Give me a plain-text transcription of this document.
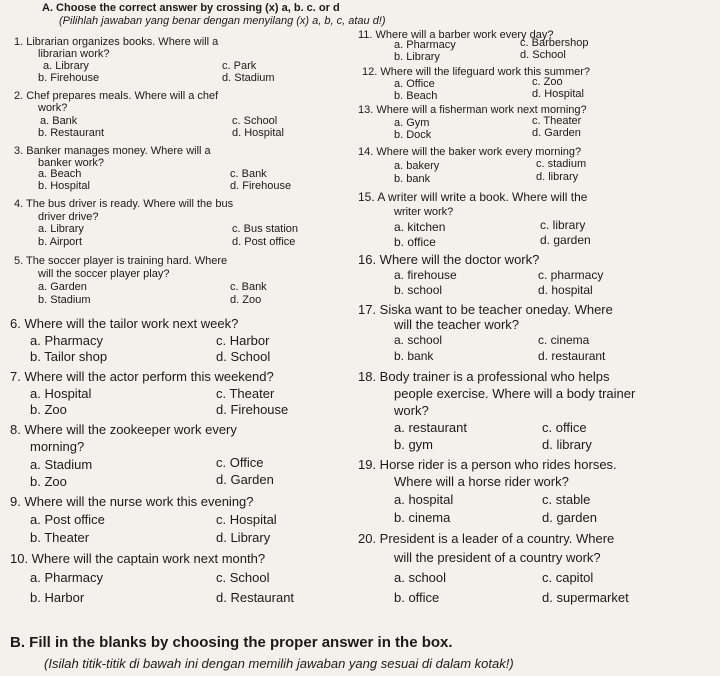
A. Choose the correct answer by crossing (x) a, b. c. or d
(Pilihlah jawaban yang benar dengan menyilang (x) a, b, c, atau d!)
1. Librarian organizes books. Where will a
librarian work?
a. Library	c. Park
b. Firehouse	d. Stadium
2. Chef prepares meals. Where will a chef
work?
a. Bank	c. School
b. Restaurant	d. Hospital
3. Banker manages money. Where will a
banker work?
a. Beach	c. Bank
b. Hospital	d. Firehouse
4. The bus driver is ready. Where will the bus
driver drive?
a. Library	c. Bus station
b. Airport	d. Post office
5. The soccer player is training hard. Where
will the soccer player play?
a. Garden	c. Bank
b. Stadium	d. Zoo
6. Where will the tailor work next week?
a. Pharmacy	c. Harbor
b. Tailor shop	d. School
7. Where will the actor perform this weekend?
a. Hospital	c. Theater
b. Zoo	d. Firehouse
8. Where will the zookeeper work every
morning?
a. Stadium	c. Office
b. Zoo	d. Garden
9. Where will the nurse work this evening?
a. Post office	c. Hospital
b. Theater	d. Library
10. Where will the captain work next month?
a. Pharmacy	c. School
b. Harbor	d. Restaurant
11. Where will a barber work every day?
a. Pharmacy	c. Barbershop
b. Library	d. School
12. Where will the lifeguard work this summer?
a. Office	c. Zoo
b. Beach	d. Hospital
13. Where will a fisherman work next morning?
a. Gym	c. Theater
b. Dock	d. Garden
14. Where will the baker work every morning?
a. bakery	c. stadium
b. bank	d. library
15. A writer will write a book. Where will the
writer work?
a. kitchen	c. library
b. office	d. garden
16. Where will the doctor work?
a. firehouse	c. pharmacy
b. school	d. hospital
17. Siska want to be teacher oneday. Where
will the teacher work?
a. school	c. cinema
b. bank	d. restaurant
18. Body trainer is a professional who helps
people exercise. Where will a body trainer
work?
a. restaurant	c. office
b. gym	d. library
19. Horse rider is a person who rides horses.
Where will a horse rider work?
a. hospital	c. stable
b. cinema	d. garden
20. President is a leader of a country. Where
will the president of a country work?
a. school	c. capitol
b. office	d. supermarket
B. Fill in the blanks by choosing the proper answer in the box.
(Isilah titik-titik di bawah ini dengan memilih jawaban yang sesuai di dalam kotak!)
